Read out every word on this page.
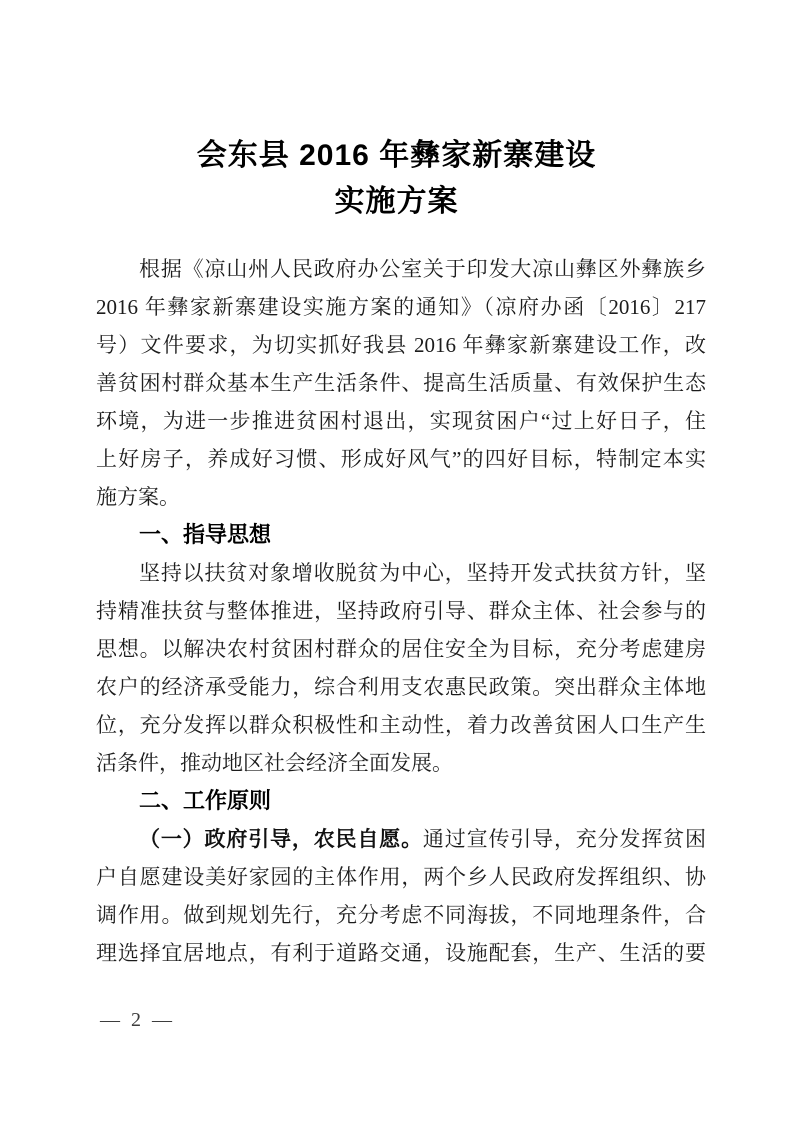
会东县 2016 年彝家新寨建设
实施方案
根据《凉山州人民政府办公室关于印发大凉山彝区外彝族乡
2016 年彝家新寨建设实施方案的通知》（凉府办函〔2016〕217
号）文件要求，为切实抓好我县 2016 年彝家新寨建设工作，改
善贫困村群众基本生产生活条件、提高生活质量、有效保护生态
环境，为进一步推进贫困村退出，实现贫困户“过上好日子，住
上好房子，养成好习惯、形成好风气”的四好目标，特制定本实
施方案。
一、指导思想
坚持以扶贫对象增收脱贫为中心，坚持开发式扶贫方针，坚
持精准扶贫与整体推进，坚持政府引导、群众主体、社会参与的
思想。以解决农村贫困村群众的居住安全为目标，充分考虑建房
农户的经济承受能力，综合利用支农惠民政策。突出群众主体地
位，充分发挥以群众积极性和主动性，着力改善贫困人口生产生
活条件，推动地区社会经济全面发展。
二、工作原则
（一）政府引导，农民自愿。通过宣传引导，充分发挥贫困
户自愿建设美好家园的主体作用，两个乡人民政府发挥组织、协
调作用。做到规划先行，充分考虑不同海拔，不同地理条件，合
理选择宜居地点，有利于道路交通，设施配套，生产、生活的要
— 2 —
